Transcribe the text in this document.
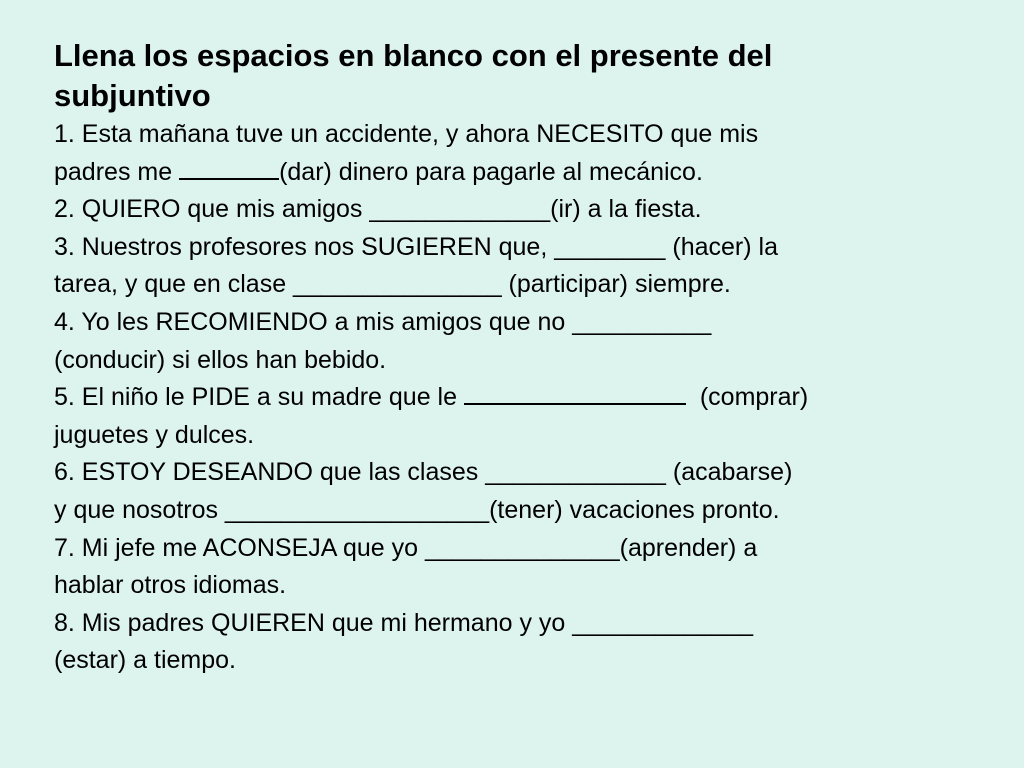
Llena los espacios en blanco con el presente del
subjuntivo
1. Esta mañana tuve un accidente, y ahora NECESITO que mis
padres me	(dar) dinero para pagarle al mecánico.
2. QUIERO que mis amigos _____________(ir) a la fiesta.
3. Nuestros profesores nos SUGIEREN que, ________ (hacer) la
tarea, y que en clase _______________ (participar) siempre.
4. Yo les RECOMIENDO a mis amigos que no __________
(conducir) si ellos han bebido.
5. El niño le PIDE a su madre que le	(comprar)
juguetes y dulces.
6. ESTOY DESEANDO que las clases _____________ (acabarse)
y que nosotros ___________________(tener) vacaciones pronto.
7. Mi jefe me ACONSEJA que yo ______________(aprender) a
hablar otros idiomas.
8. Mis padres QUIEREN que mi hermano y yo _____________
(estar) a tiempo.
